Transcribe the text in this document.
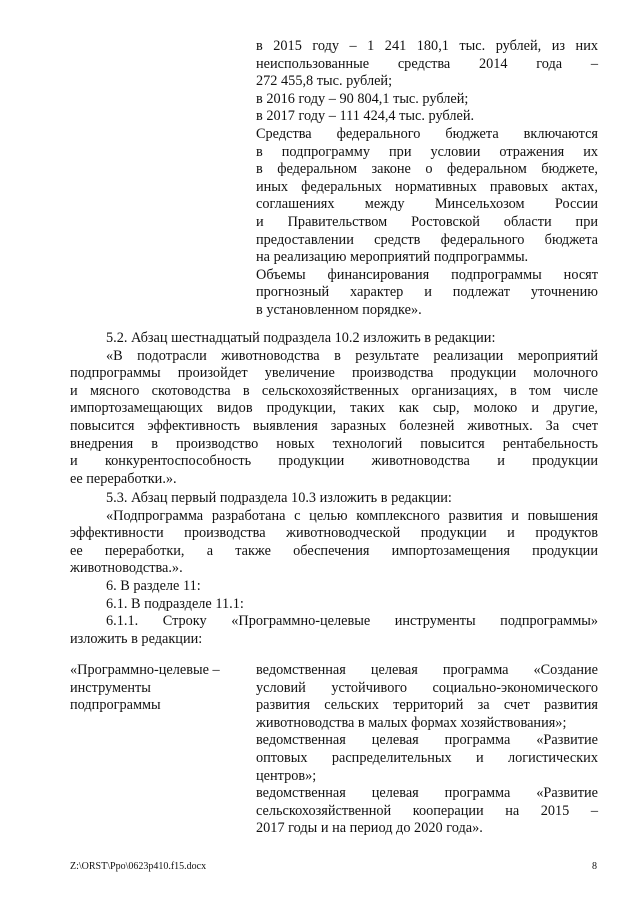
в 2015 году – 1 241 180,1 тыс. рублей, из них
неиспользованные средства 2014 года –
272 455,8 тыс. рублей;
в 2016 году – 90 804,1 тыс. рублей;
в 2017 году – 111 424,4 тыс. рублей.
Средства федерального бюджета включаются
в подпрограмму при условии отражения их
в федеральном законе о федеральном бюджете,
иных федеральных нормативных правовых актах,
соглашениях между Минсельхозом России
и Правительством Ростовской области при
предоставлении средств федерального бюджета
на реализацию мероприятий подпрограммы.
Объемы финансирования подпрограммы носят
прогнозный характер и подлежат уточнению
в установленном порядке».
5.2. Абзац шестнадцатый подраздела 10.2 изложить в редакции:
«В подотрасли животноводства в результате реализации мероприятий
подпрограммы произойдет увеличение производства продукции молочного
и мясного скотоводства в сельскохозяйственных организациях, в том числе
импортозамещающих видов продукции, таких как сыр, молоко и другие,
повысится эффективность выявления заразных болезней животных. За счет
внедрения в производство новых технологий повысится рентабельность
и конкурентоспособность продукции животноводства и продукции
ее переработки.».
5.3. Абзац первый подраздела 10.3 изложить в редакции:
«Подпрограмма разработана с целью комплексного развития и повышения
эффективности производства животноводческой продукции и продуктов
ее переработки, а также обеспечения импортозамещения продукции
животноводства.».
6. В разделе 11:
6.1. В подразделе 11.1:
6.1.1. Строку «Программно-целевые инструменты подпрограммы»
изложить в редакции:
«Программно-целевые –
инструменты
подпрограммы
ведомственная целевая программа «Создание
условий устойчивого социально-экономического
развития сельских территорий за счет развития
животноводства в малых формах хозяйствования»;
ведомственная целевая программа «Развитие
оптовых распределительных и логистических
центров»;
ведомственная целевая программа «Развитие
сельскохозяйственной кооперации на 2015 –
2017 годы и на период до 2020 года».
Z:\ORST\Ppo\0623p410.f15.docx	8
